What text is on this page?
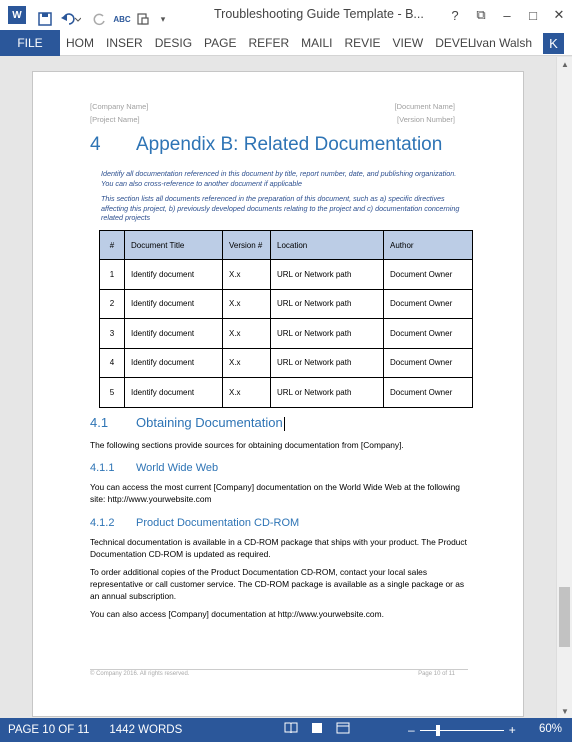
W	ABC	▾	Troubleshooting Guide Template - B...	?	⧉	–	□	✕
FILE	HOM	INSER	DESIG	PAGE	REFER	MAILI	REVIE	VIEW	DEVEL
Ivan Walsh	K
[Company Name]
[Project Name]
[Document Name]
[Version Number]
4 Appendix B: Related Documentation
Identify all documentation referenced in this document by title, report number, date, and publishing organization. You can also cross-reference to another document if applicable
This section lists all documents referenced in the preparation of this document, such as a) specific directives affecting this project, b) previously developed documents relating to the project and c) documentation concerning related projects
#	Document Title	Version #	Location	Author
1	Identify document	X.x	URL or Network path	Document Owner
2	Identify document	X.x	URL or Network path	Document Owner
3	Identify document	X.x	URL or Network path	Document Owner
4	Identify document	X.x	URL or Network path	Document Owner
5	Identify document	X.x	URL or Network path	Document Owner
4.1 Obtaining Documentation
The following sections provide sources for obtaining documentation from [Company].
4.1.1 World Wide Web
You can access the most current [Company] documentation on the World Wide Web at the following site: http://www.yourwebsite.com
4.1.2 Product Documentation CD-ROM
Technical documentation is available in a CD-ROM package that ships with your product. The Product Documentation CD-ROM is updated as required.
To order additional copies of the Product Documentation CD-ROM, contact your local sales representative or call customer service. The CD-ROM package is available as a single package or as an annual subscription.
You can also access [Company] documentation at http://www.yourwebsite.com.
© Company 2016. All rights reserved.	Page 10 of 11
▲
▼
PAGE 10 OF 11 1442 WORDS	–	+ 60%
